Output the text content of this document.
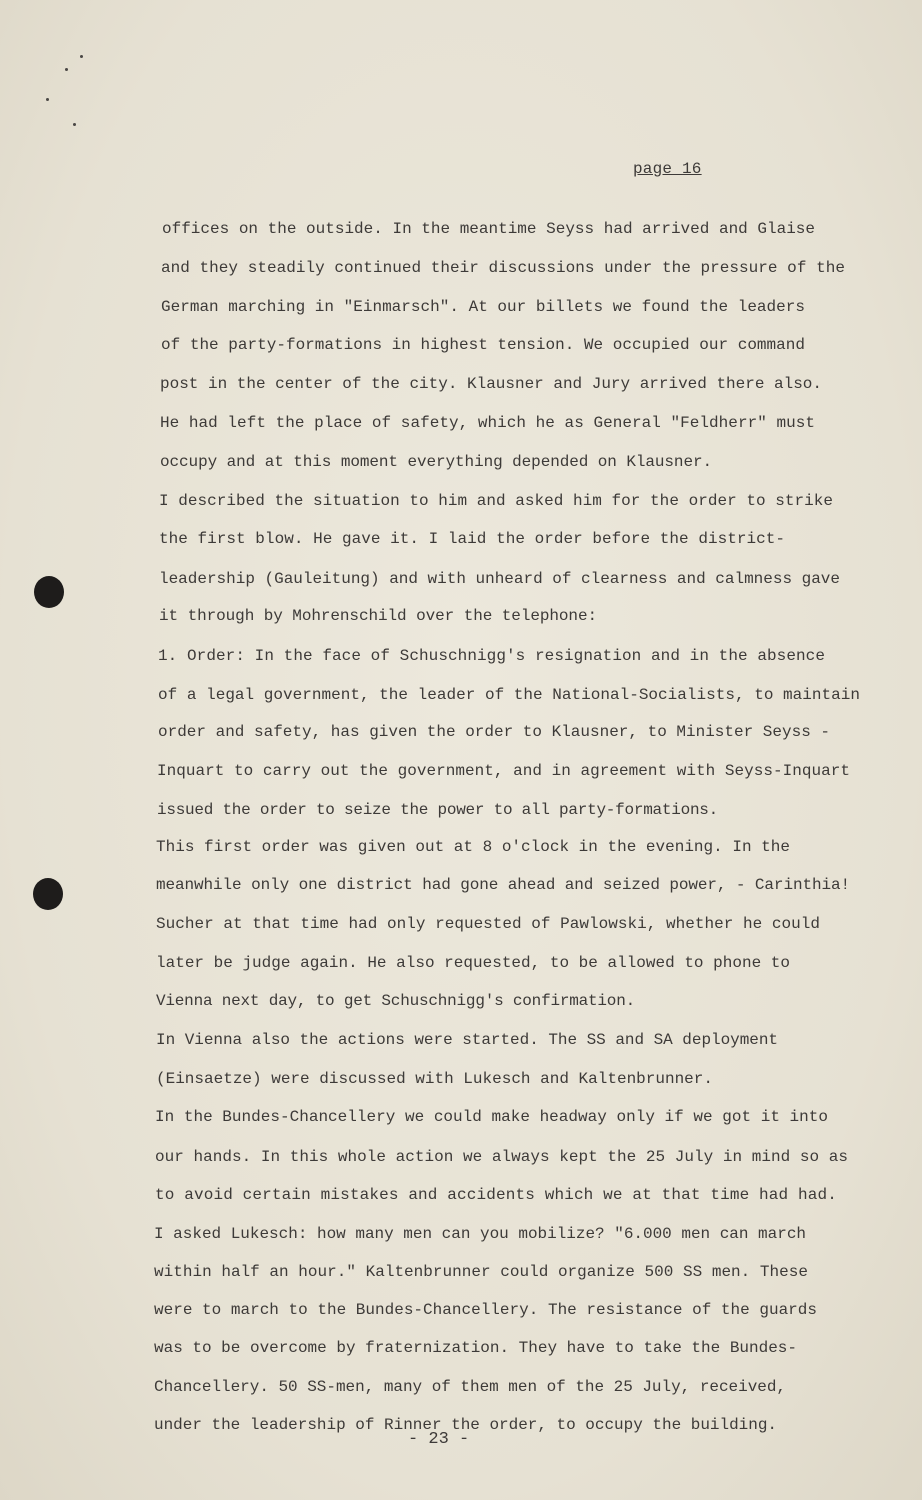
page 16
offices on the outside. In the meantime Seyss had arrived and Glaise
and they steadily continued their discussions under the pressure of the
German marching in "Einmarsch". At our billets we found the leaders
of the party-formations in highest tension. We occupied our command
post in the center of the city. Klausner and Jury arrived there also.
He had left the place of safety, which he as General "Feldherr" must
occupy and at this moment everything depended on Klausner.
I described the situation to him and asked him for the order to strike
the first blow. He gave it. I laid the order before the district-
leadership (Gauleitung) and with unheard of clearness and calmness gave
it through by Mohrenschild over the telephone:
1. Order: In the face of Schuschnigg's resignation and in the absence
of a legal government, the leader of the National-Socialists, to maintain
order and safety, has given the order to Klausner, to Minister Seyss -
Inquart to carry out the government, and in agreement with Seyss-Inquart
issued the order to seize the power to all party-formations.
This first order was given out at 8 o'clock in the evening. In the
meanwhile only one district had gone ahead and seized power, - Carinthia!
Sucher at that time had only requested of Pawlowski, whether he could
later be judge again. He also requested, to be allowed to phone to
Vienna next day, to get Schuschnigg's confirmation.
In Vienna also the actions were started. The SS and SA deployment
(Einsaetze) were discussed with Lukesch and Kaltenbrunner.
In the Bundes-Chancellery we could make headway only if we got it into
our hands. In this whole action we always kept the 25 July in mind so as
to avoid certain mistakes and accidents which we at that time had had.
I asked Lukesch: how many men can you mobilize? "6.000 men can march
within half an hour." Kaltenbrunner could organize 500 SS men. These
were to march to the Bundes-Chancellery. The resistance of the guards
was to be overcome by fraternization. They have to take the Bundes-
Chancellery. 50 SS-men, many of them men of the 25 July, received,
under the leadership of Rinner the order, to occupy the building.
- 23 -
